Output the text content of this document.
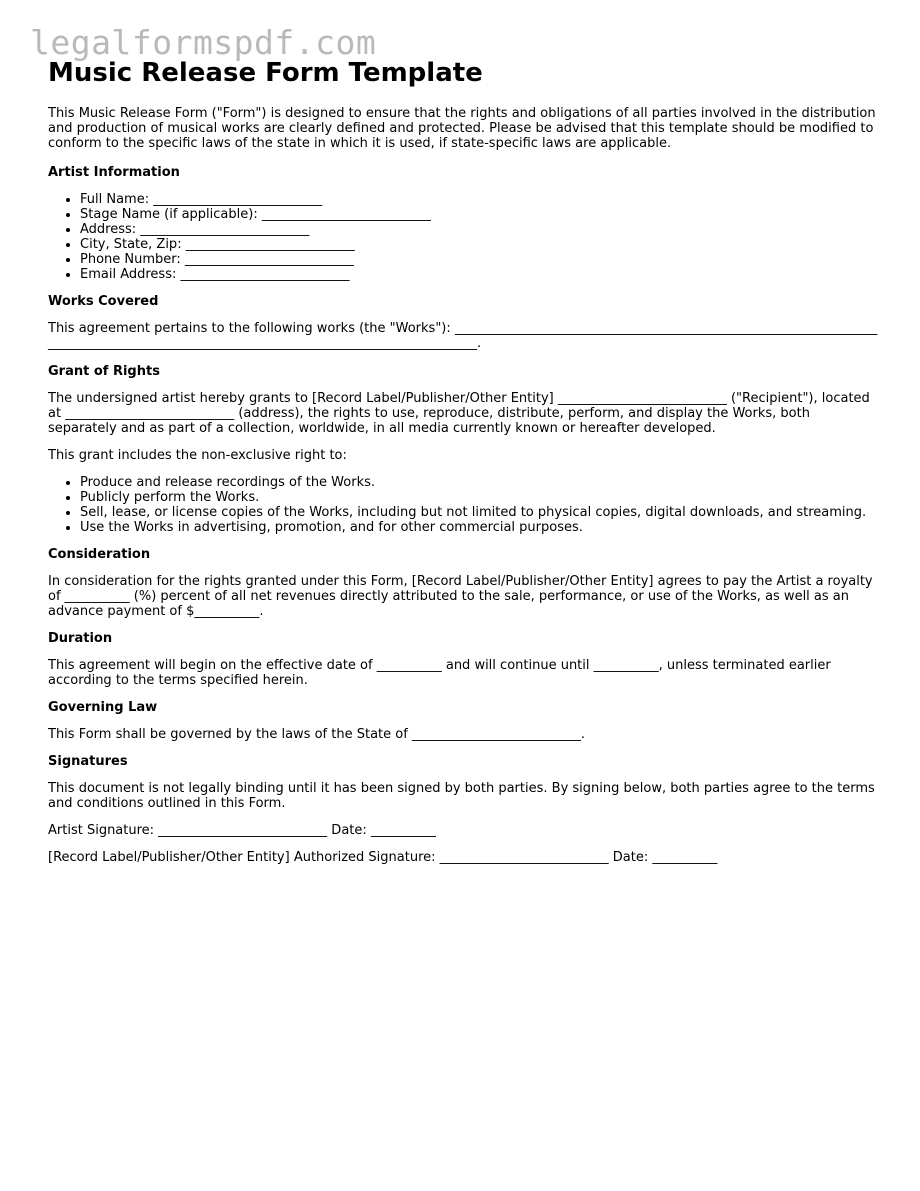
legalformspdf.com
Music Release Form Template

This Music Release Form ("Form") is designed to ensure that the rights and obligations of all parties involved in the distribution and production of musical works are clearly defined and protected. Please be advised that this template should be modified to conform to the specific laws of the state in which it is used, if state-specific laws are applicable.

Artist Information
• Full Name: __________________________
• Stage Name (if applicable): __________________________
• Address: __________________________
• City, State, Zip: __________________________
• Phone Number: __________________________
• Email Address: __________________________
Works Covered

This agreement pertains to the following works (the "Works"): ___________________________________________________________________________________________________________________________________.

Grant of Rights

The undersigned artist hereby grants to [Record Label/Publisher/Other Entity] __________________________ ("Recipient"), located at __________________________ (address), the rights to use, reproduce, distribute, perform, and display the Works, both separately and as part of a collection, worldwide, in all media currently known or hereafter developed.

This grant includes the non-exclusive right to:

• Produce and release recordings of the Works.
• Publicly perform the Works.
• Sell, lease, or license copies of the Works, including but not limited to physical copies, digital downloads, and streaming.
• Use the Works in advertising, promotion, and for other commercial purposes.
Consideration

In consideration for the rights granted under this Form, [Record Label/Publisher/Other Entity] agrees to pay the Artist a royalty of __________ (%) percent of all net revenues directly attributed to the sale, performance, or use of the Works, as well as an advance payment of $__________.

Duration

This agreement will begin on the effective date of __________ and will continue until __________, unless terminated earlier according to the terms specified herein.

Governing Law

This Form shall be governed by the laws of the State of __________________________.

Signatures

This document is not legally binding until it has been signed by both parties. By signing below, both parties agree to the terms and conditions outlined in this Form.

Artist Signature: __________________________ Date: __________

[Record Label/Publisher/Other Entity] Authorized Signature: __________________________ Date: __________
